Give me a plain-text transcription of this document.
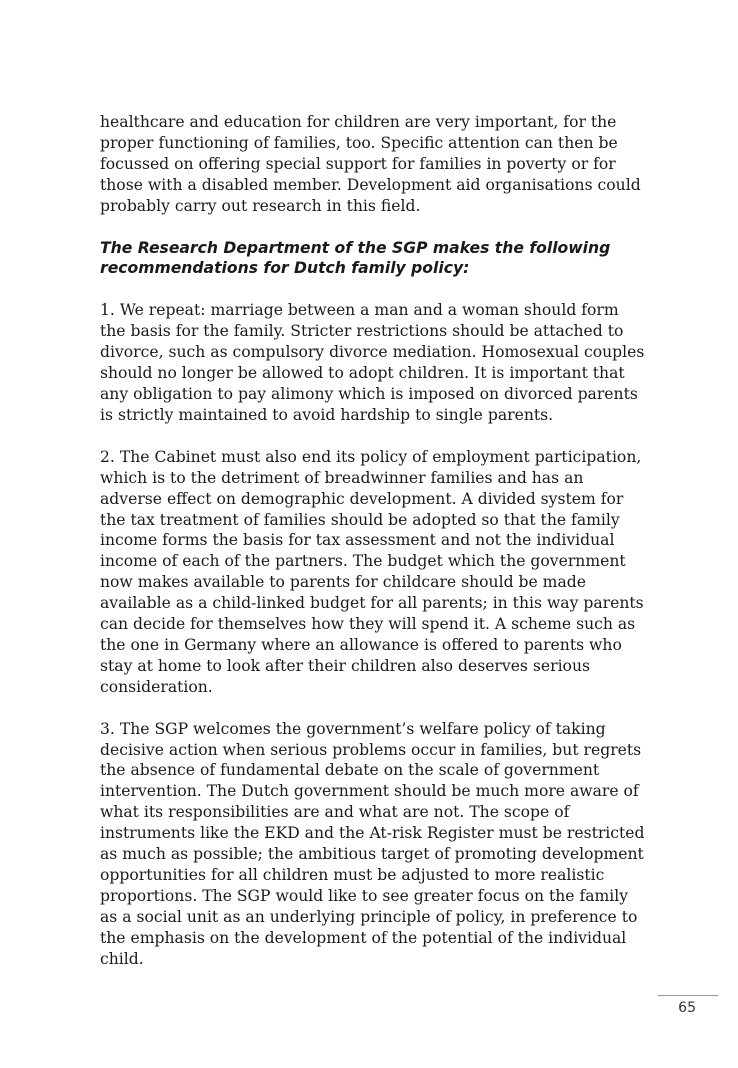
healthcare and education for children are very important, for the proper functioning of families, too. Specific attention can then be focussed on offering special support for families in poverty or for those with a disabled member. Development aid organisations could probably carry out research in this field.

The Research Department of the SGP makes the following recommendations for Dutch family policy:

1. We repeat: marriage between a man and a woman should form the basis for the family. Stricter restrictions should be attached to divorce, such as compulsory divorce mediation. Homosexual couples should no longer be allowed to adopt children. It is important that any obligation to pay alimony which is imposed on divorced parents is strictly maintained to avoid hardship to single parents.

2. The Cabinet must also end its policy of employment participation, which is to the detriment of breadwinner families and has an adverse effect on demographic development. A divided system for the tax treatment of families should be adopted so that the family income forms the basis for tax assessment and not the individual income of each of the partners. The budget which the government now makes available to parents for childcare should be made available as a child-linked budget for all parents; in this way parents can decide for themselves how they will spend it. A scheme such as the one in Germany where an allowance is offered to parents who stay at home to look after their children also deserves serious consideration.

3. The SGP welcomes the government’s welfare policy of taking decisive action when serious problems occur in families, but regrets the absence of fundamental debate on the scale of government intervention. The Dutch government should be much more aware of what its responsibilities are and what are not. The scope of instruments like the EKD and the At-risk Register must be restricted as much as possible; the ambitious target of promoting development opportunities for all children must be adjusted to more realistic proportions. The SGP would like to see greater focus on the family as a social unit as an underlying principle of policy, in preference to the emphasis on the development of the potential of the individual child.

65
